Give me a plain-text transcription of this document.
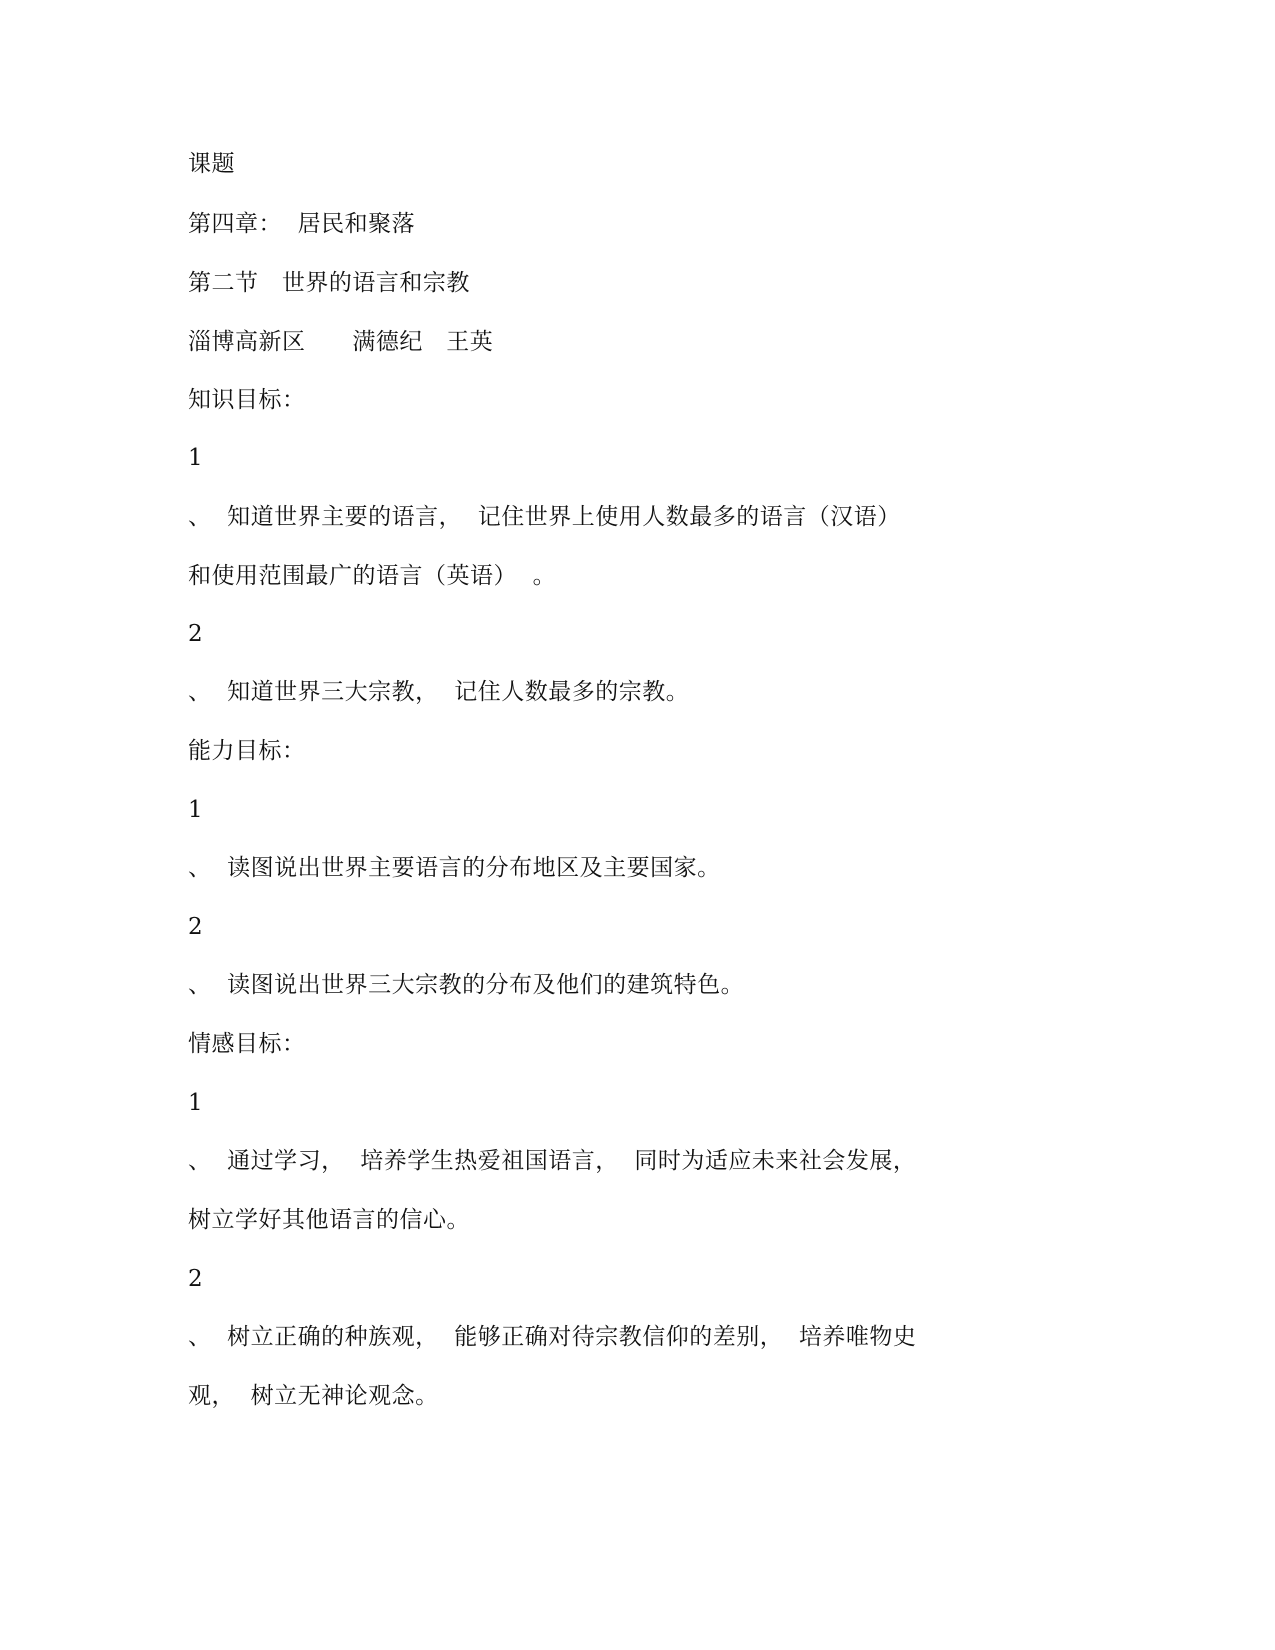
课题
第四章：  居民和聚落
第二节   世界的语言和宗教
淄博高新区      满德纪   王英
知识目标：
1
、  知道世界主要的语言，  记住世界上使用人数最多的语言（汉语）
和使用范围最广的语言（英语）  。
2
、  知道世界三大宗教，  记住人数最多的宗教。
能力目标：
1
、  读图说出世界主要语言的分布地区及主要国家。
2
、  读图说出世界三大宗教的分布及他们的建筑特色。
情感目标：
1
、  通过学习，  培养学生热爱祖国语言，  同时为适应未来社会发展，
树立学好其他语言的信心。
2
、  树立正确的种族观，  能够正确对待宗教信仰的差别，  培养唯物史
观，  树立无神论观念。
